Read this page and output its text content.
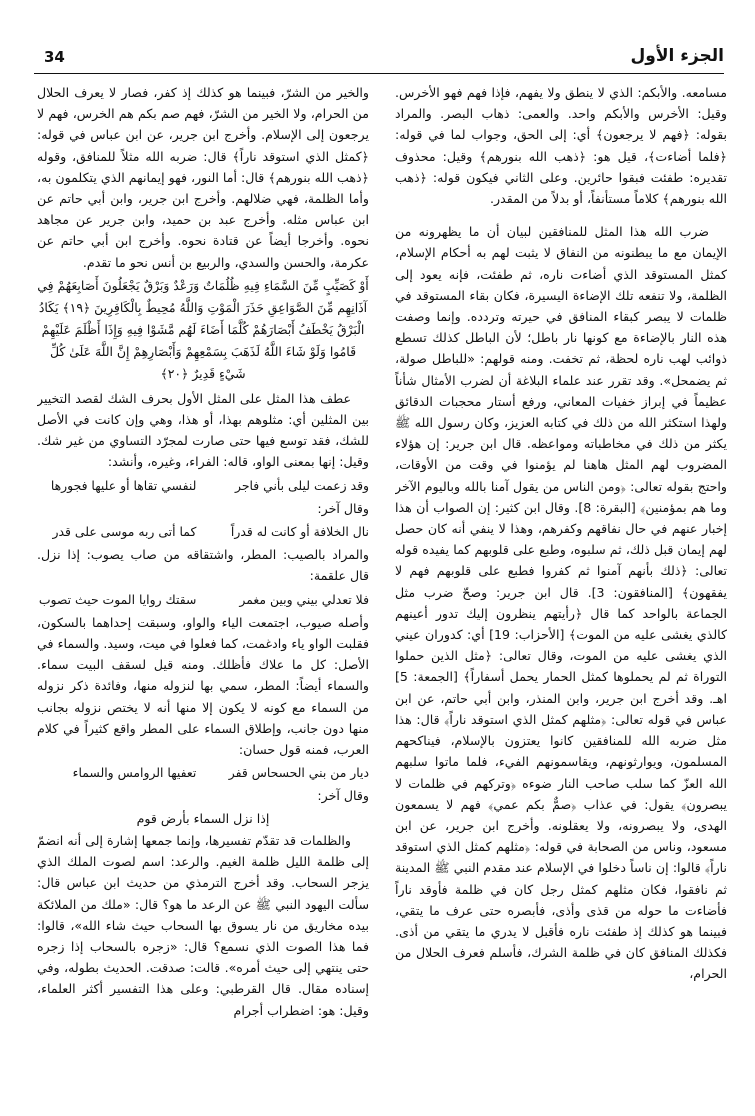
34	الجزء الأول

مسامعه. والأبكم: الذي لا ينطق ولا يفهم، فإذا فهم فهو الأخرس. وقيل: الأخرس والأبكم واحد. والعمى: ذهاب البصر. والمراد بقوله: ﴿فهم لا يرجعون﴾ أي: إلى الحق، وجواب لما في قوله: ﴿فلما أضاءت﴾، قيل هو: ﴿ذهب الله بنورهم﴾ وقيل: محذوف تقديره: طفئت فبقوا حائرين. وعلى الثاني فيكون قوله: ﴿ذهب الله بنورهم﴾ كلاماً مستأنفاً، أو بدلاً من المقدر.

ضرب الله هذا المثل للمنافقين لبيان أن ما يظهرونه من الإيمان مع ما يبطنونه من النفاق لا يثبت لهم به أحكام الإسلام، كمثل المستوقد الذي أضاءت ناره، ثم طفئت، فإنه يعود إلى الظلمة، ولا تنفعه تلك الإضاءة اليسيرة، فكان بقاء المستوقد في ظلمات لا يبصر كبقاء المنافق في حيرته وتردده. وإنما وصفت هذه النار بالإضاءة مع كونها نار باطل؛ لأن الباطل كذلك تسطع ذوائب لهب ناره لحظة، ثم تخفت. ومنه قولهم: «للباطل صولة، ثم يضمحل». وقد تقرر عند علماء البلاغة أن لضرب الأمثال شأناً عظيماً في إبراز خفيات المعاني، ورفع أستار محجبات الدقائق ولهذا استكثر الله من ذلك في كتابه العزيز، وكان رسول الله ﷺ يكثر من ذلك في مخاطباته ومواعظه. قال ابن جرير: إن هؤلاء المضروب لهم المثل هاهنا لم يؤمنوا في وقت من الأوقات، واحتج بقوله تعالى: ﴿ومن الناس من يقول آمنا بالله وباليوم الآخر وما هم بمؤمنين﴾ [البقرة: 8]. وقال ابن كثير: إن الصواب أن هذا إخبار عنهم في حال نفاقهم وكفرهم، وهذا لا ينفي أنه كان حصل لهم إيمان قبل ذلك، ثم سلبوه، وطبع على قلوبهم كما يفيده قوله تعالى: ﴿ذلك بأنهم آمنوا ثم كفروا فطبع على قلوبهم فهم لا يفقهون﴾ [المنافقون: 3]. قال ابن جرير: وصحّ ضرب مثل الجماعة بالواحد كما قال ﴿رأيتهم ينظرون إليك تدور أعينهم كالذي يغشى عليه من الموت﴾ [الأحزاب: 19] أي: كدوران عيني الذي يغشى عليه من الموت، وقال تعالى: ﴿مثل الذين حملوا التوراة ثم لم يحملوها كمثل الحمار يحمل أسفاراً﴾ [الجمعة: 5] اهـ. وقد أخرج ابن جرير، وابن المنذر، وابن أبي حاتم، عن ابن عباس في قوله تعالى: ﴿مثلهم كمثل الذي استوقد ناراً﴾ قال: هذا مثل ضربه الله للمنافقين كانوا يعتزون بالإسلام، فيناكحهم المسلمون، ويوارثونهم، ويقاسمونهم الفيء، فلما ماتوا سلبهم الله العزّ كما سلب صاحب النار ضوءه ﴿وتركهم في ظلمات لا يبصرون﴾ يقول: في عذاب ﴿صمٌّ بكم عمي﴾ فهم لا يسمعون الهدى، ولا يبصرونه، ولا يعقلونه. وأخرج ابن جرير، عن ابن مسعود، وناس من الصحابة في قوله: ﴿مثلهم كمثل الذي استوقد ناراً﴾ قالوا: إن ناساً دخلوا في الإسلام عند مقدم النبي ﷺ المدينة ثم نافقوا، فكان مثلهم كمثل رجل كان في ظلمة فأوقد ناراً فأضاءت ما حوله من قذى وأذى، فأبصره حتى عرف ما يتقي، فبينما هو كذلك إذ طفئت ناره فأقبل لا يدري ما يتقي من أذى. فكذلك المنافق كان في ظلمة الشرك، فأسلم فعرف الحلال من الحرام،

والخير من الشرّ، فبينما هو كذلك إذ كفر، فصار لا يعرف الحلال من الحرام، ولا الخير من الشرّ، فهم صم بكم هم الخرس، فهم لا يرجعون إلى الإسلام. وأخرج ابن جرير، عن ابن عباس في قوله: ﴿كمثل الذي استوقد ناراً﴾ قال: ضربه الله مثلاً للمنافق، وقوله ﴿ذهب الله بنورهم﴾ قال: أما النور، فهو إيمانهم الذي يتكلمون به، وأما الظلمة، فهي ضلالهم. وأخرج ابن جرير، وابن أبي حاتم عن ابن عباس مثله. وأخرج عبد بن حميد، وابن جرير عن مجاهد نحوه. وأخرجا أيضاً عن قتادة نحوه. وأخرج ابن أبي حاتم عن عكرمة، والحسن والسدي، والربيع بن أنس نحو ما تقدم.

أَوْ كَصَيِّبٍ مِّنَ السَّمَاءِ فِيهِ ظُلُمَاتٌ وَرَعْدٌ وَبَرْقٌ يَجْعَلُونَ أَصَابِعَهُمْ فِي آذَانِهِم مِّنَ الصَّوَاعِقِ حَذَرَ الْمَوْتِ وَاللَّهُ مُحِيطٌ بِالْكَافِرِينَ ﴿١٩﴾ يَكَادُ الْبَرْقُ يَخْطَفُ أَبْصَارَهُمْ كُلَّمَا أَضَاءَ لَهُم مَّشَوْا فِيهِ وَإِذَا أَظْلَمَ عَلَيْهِمْ قَامُوا وَلَوْ شَاءَ اللَّهُ لَذَهَبَ بِسَمْعِهِمْ وَأَبْصَارِهِمْ إِنَّ اللَّهَ عَلَىٰ كُلِّ شَيْءٍ قَدِيرٌ ﴿٢٠﴾

عطف هذا المثل على المثل الأول بحرف الشك لقصد التخيير بين المثلين أي: مثلوهم بهذا، أو هذا، وهي وإن كانت في الأصل للشك، فقد توسع فيها حتى صارت لمجرّد التساوي من غير شك. وقيل: إنها بمعنى الواو، قاله: الفراء، وغيره، وأنشد:

وقد زعمت ليلى بأني فاجر
لنفسي تقاها أو عليها فجورها

وقال آخر:

نال الخلافة أو كانت له قدراً
كما أتى ربه موسى على قدر

والمراد بالصيب: المطر، واشتقاقه من صاب يصوب: إذا نزل. قال علقمة:

فلا تعدلي بيني وبين مغمر
سقتك روايا الموت حيث تصوب

وأصله صيوب، اجتمعت الياء والواو، وسبقت إحداهما بالسكون، فقلبت الواو ياء وادغمت، كما فعلوا في ميت، وسيد. والسماء في الأصل: كل ما علاك فأظلك. ومنه قيل لسقف البيت سماء. والسماء أيضاً: المطر، سمي بها لنزوله منها، وفائدة ذكر نزوله من السماء مع كونه لا يكون إلا منها أنه لا يختص نزوله بجانب منها دون جانب، وإطلاق السماء على المطر واقع كثيراً في كلام العرب، فمنه قول حسان:

ديار من بني الحسحاس قفر
تعفيها الروامس والسماء

وقال آخر:

إذا نزل السماء بأرض قوم

والظلمات قد تقدّم تفسيرها، وإنما جمعها إشارة إلى أنه انضمّ إلى ظلمة الليل ظلمة الغيم. والرعد: اسم لصوت الملك الذي يزجر السحاب. وقد أخرج الترمذي من حديث ابن عباس قال: سألت اليهود النبي ﷺ عن الرعد ما هو؟ قال: «ملك من الملائكة بيده مخاريق من نار يسوق بها السحاب حيث شاء الله»، قالوا: فما هذا الصوت الذي نسمع؟ قال: «زجره بالسحاب إذا زجره حتى ينتهي إلى حيث أمره». قالت: صدقت. الحديث بطوله، وفي إسناده مقال. قال القرطبي: وعلى هذا التفسير أكثر العلماء، وقيل: هو: اضطراب أجرام
